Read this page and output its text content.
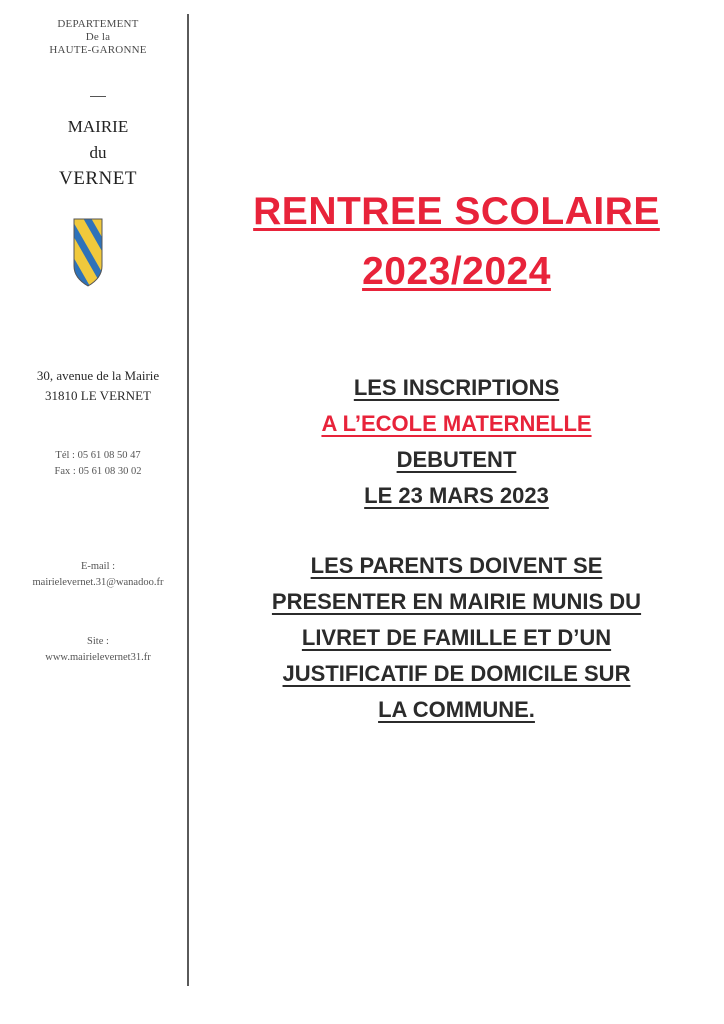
DEPARTEMENT
De la
HAUTE-GARONNE
MAIRIE
du
VERNET
30, avenue de la Mairie
31810 LE VERNET
Tél : 05 61 08 50 47
Fax : 05 61 08 30 02
E-mail :
mairielevernet.31@wanadoo.fr
Site :
www.mairielevernet31.fr
RENTREE SCOLAIRE
2023/2024
LES INSCRIPTIONS
A L’ECOLE MATERNELLE
DEBUTENT
LE 23 MARS 2023
LES PARENTS DOIVENT SE
PRESENTER EN MAIRIE MUNIS DU
LIVRET DE FAMILLE ET D’UN
JUSTIFICATIF DE DOMICILE SUR
LA COMMUNE.
